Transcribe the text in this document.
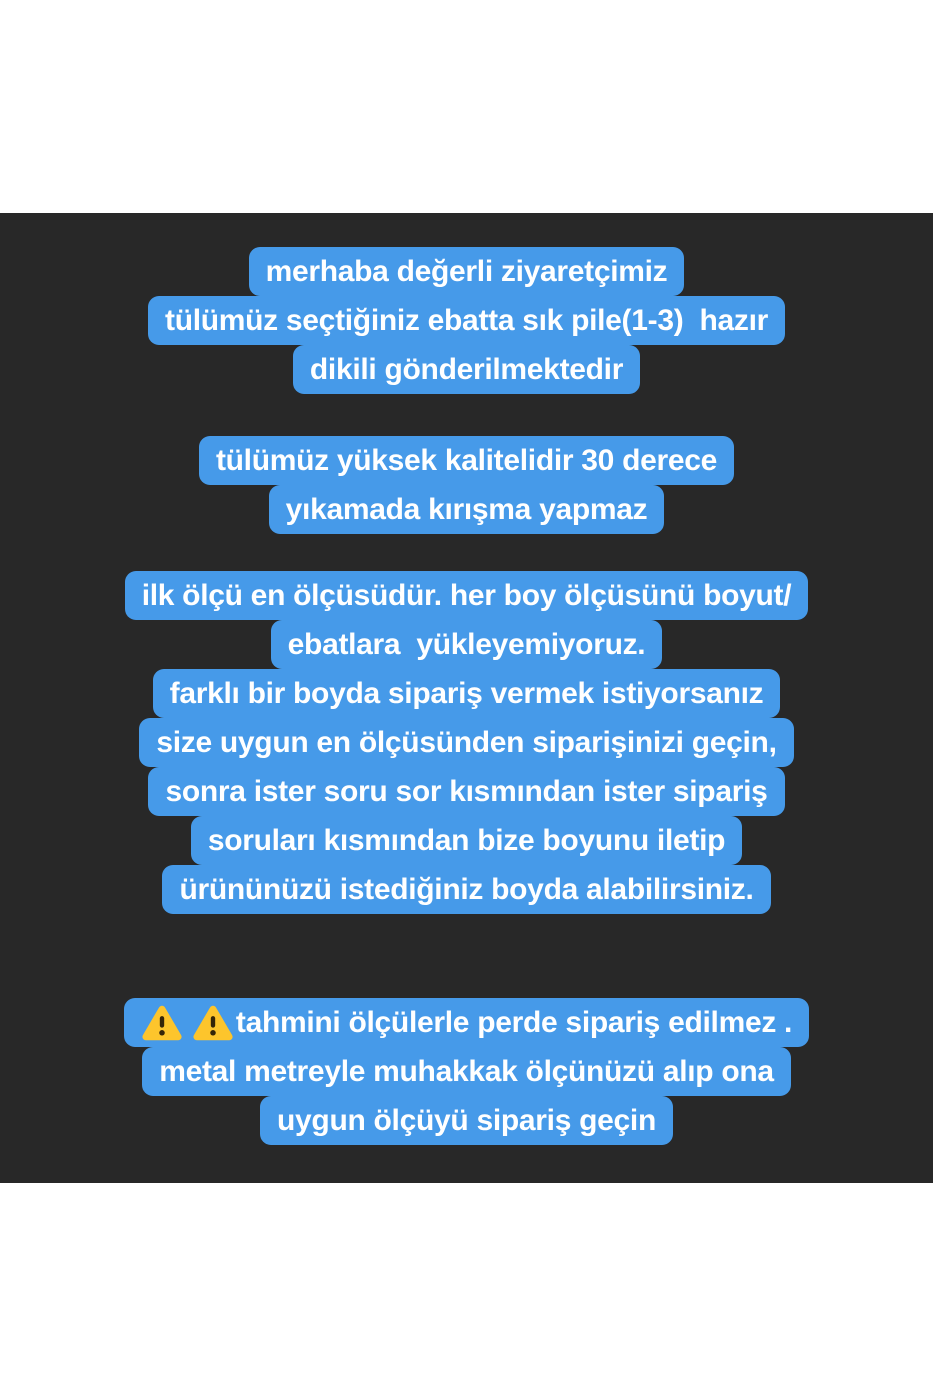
merhaba değerli ziyaretçimiz
tülümüz seçtiğiniz ebatta sık pile(1-3)  hazır
dikili gönderilmektedir
tülümüz yüksek kalitelidir 30 derece
yıkamada kırışma yapmaz
ilk ölçü en ölçüsüdür. her boy ölçüsünü boyut/
ebatlara  yükleyemiyoruz.
farklı bir boyda sipariş vermek istiyorsanız
size uygun en ölçüsünden siparişinizi geçin,
sonra ister soru sor kısmından ister sipariş
soruları kısmından bize boyunu iletip
ürününüzü istediğiniz boyda alabilirsiniz.
tahmini ölçülerle perde sipariş edilmez .
metal metreyle muhakkak ölçünüzü alıp ona
uygun ölçüyü sipariş geçin
